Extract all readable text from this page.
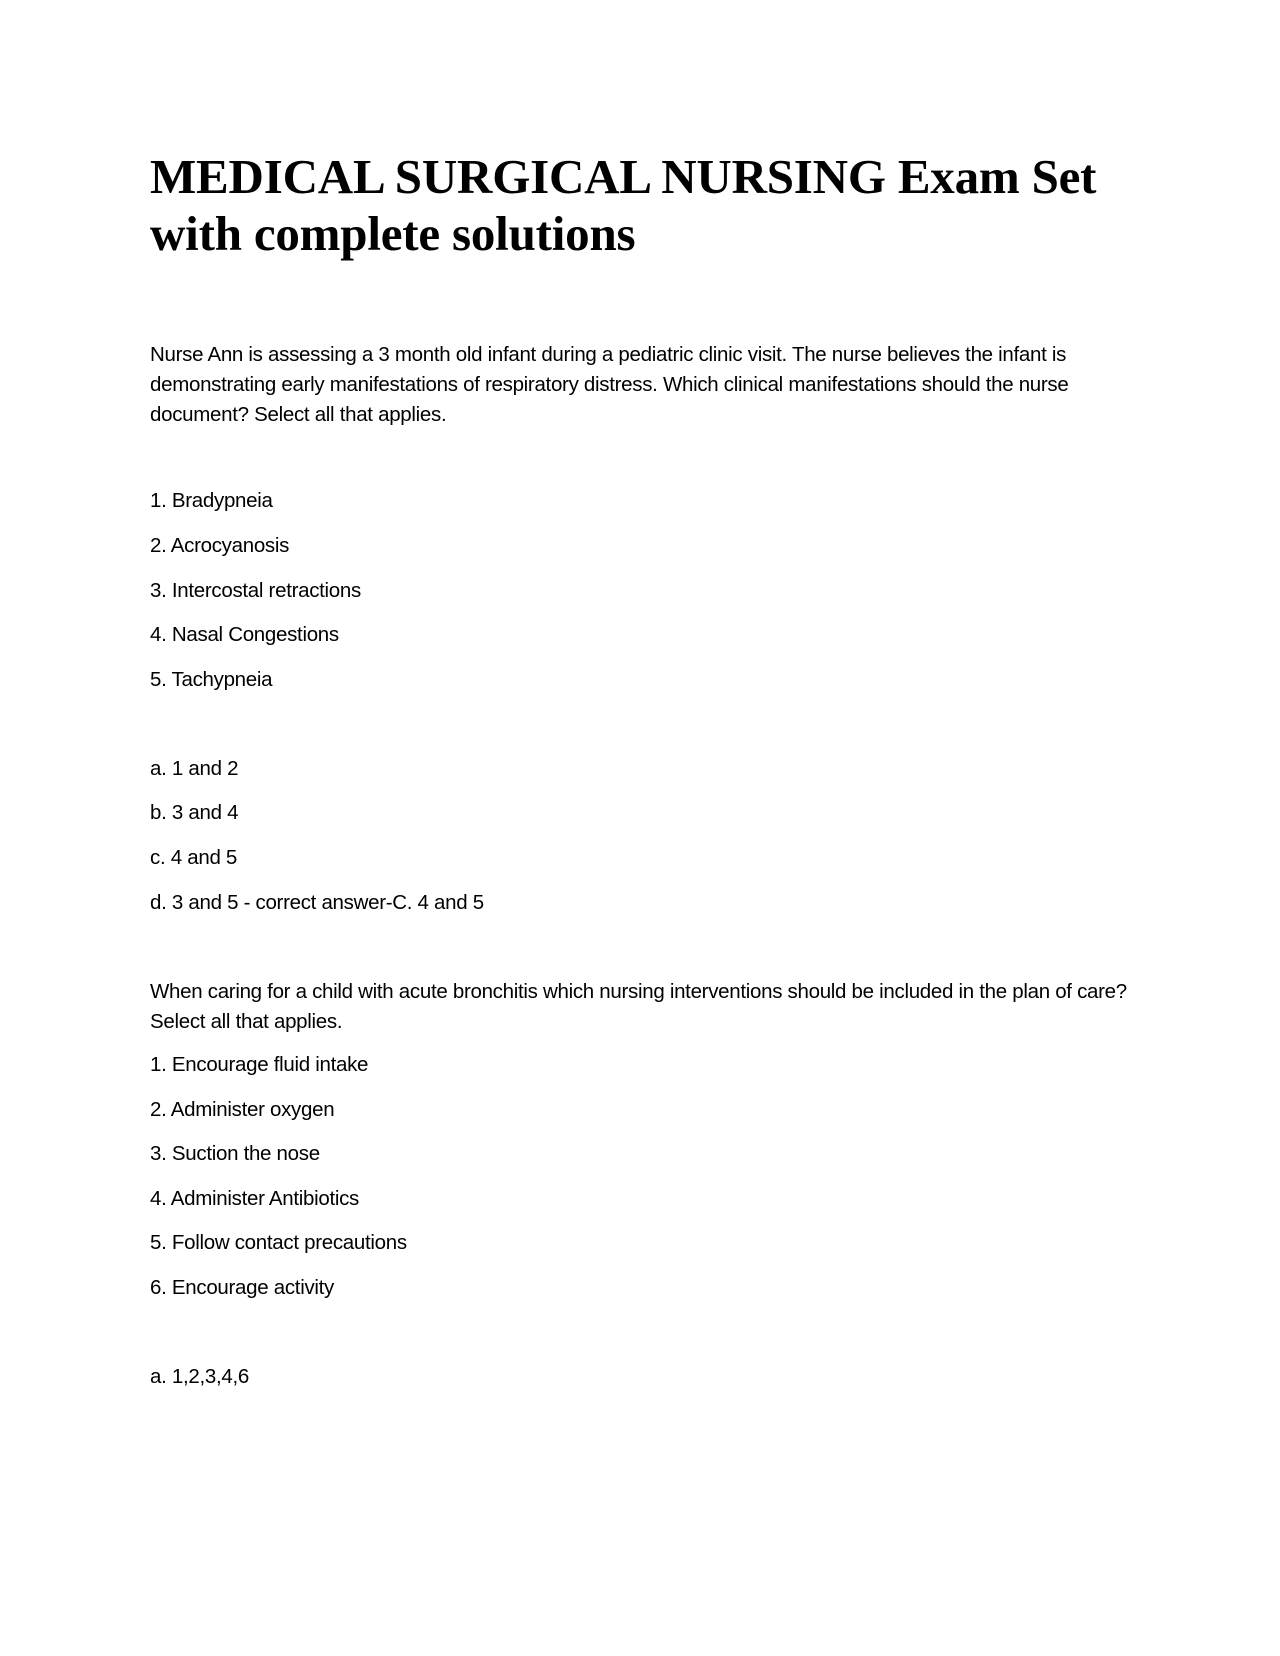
MEDICAL SURGICAL NURSING Exam Set with complete solutions

Nurse Ann is assessing a 3 month old infant during a pediatric clinic visit. The nurse believes the infant is demonstrating early manifestations of respiratory distress. Which clinical manifestations should the nurse document? Select all that applies.

1. Bradypneia
2. Acrocyanosis
3. Intercostal retractions
4. Nasal Congestions
5. Tachypneia
a. 1 and 2
b. 3 and 4
c. 4 and 5
d. 3 and 5 - correct answer-C. 4 and 5

When caring for a child with acute bronchitis which nursing interventions should be included in the plan of care? Select all that applies.

1. Encourage fluid intake
2. Administer oxygen
3. Suction the nose
4. Administer Antibiotics
5. Follow contact precautions
6. Encourage activity
a. 1,2,3,4,6
